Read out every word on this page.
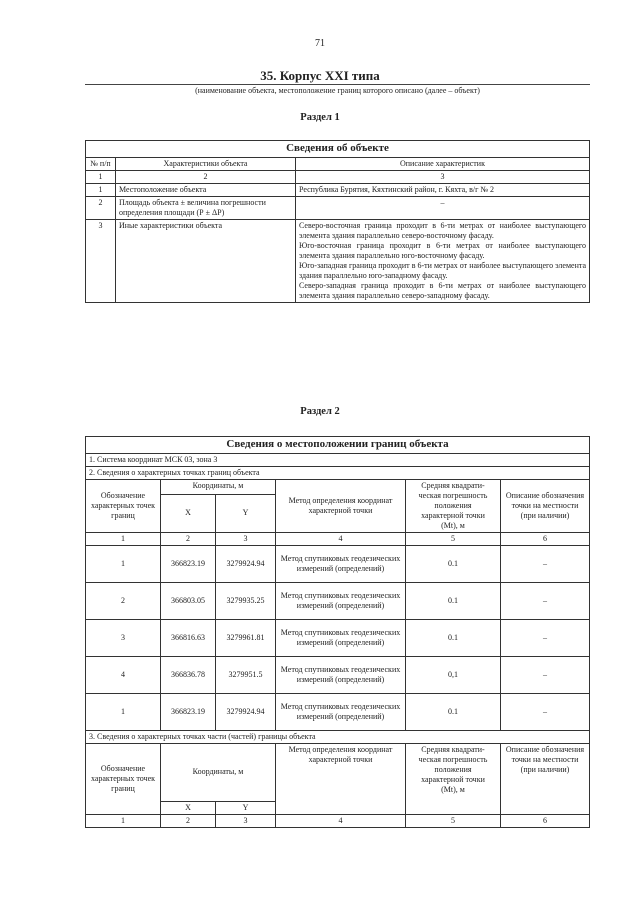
71
35. Корпус XXI типа
(наименование объекта, местоположение границ которого описано (далее – объект)
Раздел 1
Сведения об объекте		
№ п/п	Характеристики объекта	Описание характеристик
1	2	3
1	Местоположение объекта	Республика Бурятия, Кяхтинский район, г. Кяхта, в/г № 2
2	Площадь объекта ± величина погрешности определения площади (Р ± ΔР)	–
3	Иные характеристики объекта	Северо-восточная граница проходит в 6-ти метрах от наиболее выступающего элемента здания параллельно северо-восточному фасаду.
Юго-восточная граница проходит в 6-ти метрах от наиболее выступающего элемента здания параллельно юго-восточному фасаду.
Юго-западная граница проходит в 6-ти метрах от наиболее выступающего элемента здания параллельно юго-западному фасаду.
Северо-западная граница проходит в 6-ти метрах от наиболее выступающего элемента здания параллельно северо-западному фасаду.
Раздел 2
Сведения о местоположении границ объекта					
1. Система координат МСК 03, зона 3					
2. Сведения о характерных точках границ объекта					
Обозначение характерных точек границ	Координаты, м		Метод определения координат характерной точки	Средняя квадрати-
ческая погрешность
положения
характерной точки
(Mt), м	Описание обозначения точки на местности (при наличии)
	X	Y			
1	2	3	4	5	6
1	366823.19	3279924.94	Метод спутниковых геодезических измерений (определений)	0.1	–
2	366803.05	3279935.25	Метод спутниковых геодезических измерений (определений)	0.1	–
3	366816.63	3279961.81	Метод спутниковых геодезических измерений (определений)	0.1	–
4	366836.78	3279951.5	Метод спутниковых геодезических измерений (определений)	0,1	–
1	366823.19	3279924.94	Метод спутниковых геодезических измерений (определений)	0.1	–
3. Сведения о характерных точках части (частей) границы объекта					
Обозначение характерных точек границ	Координаты, м		Метод определения координат характерной точки	Средняя квадрати-
ческая погрешность
положения
характерной точки
(Mt), м	Описание обозначения точки на местности (при наличии)
	X	Y			
1	2	3	4	5	6
